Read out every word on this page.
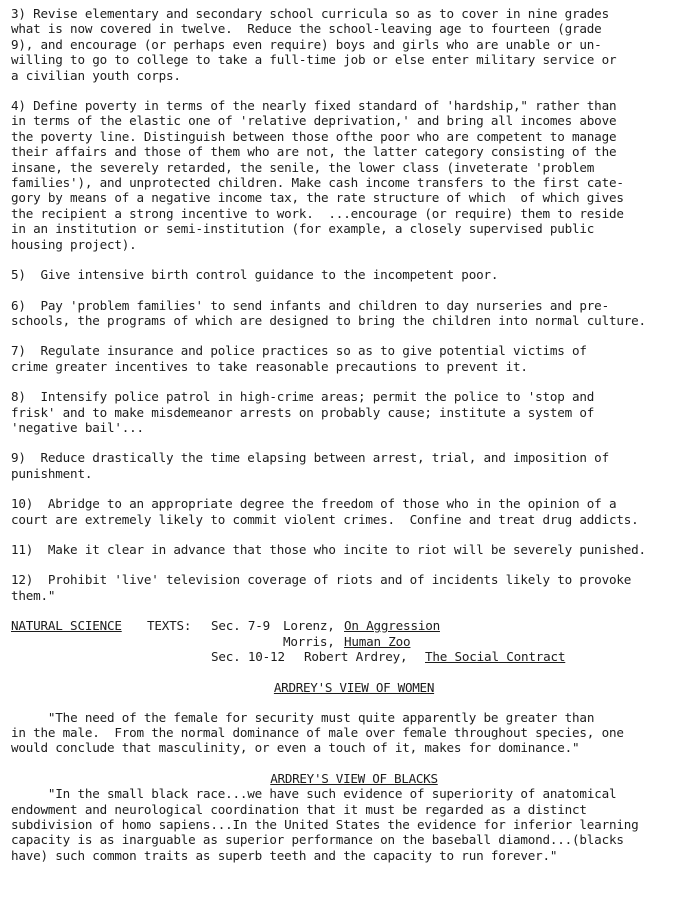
3) Revise elementary and secondary school curricula so as to cover in nine grades
what is now covered in twelve.  Reduce the school-leaving age to fourteen (grade
9), and encourage (or perhaps even require) boys and girls who are unable or un-
willing to go to college to take a full-time job or else enter military service or
a civilian youth corps.
4) Define poverty in terms of the nearly fixed standard of 'hardship," rather than
in terms of the elastic one of 'relative deprivation,' and bring all incomes above
the poverty line. Distinguish between those ofthe poor who are competent to manage
their affairs and those of them who are not, the latter category consisting of the
insane, the severely retarded, the senile, the lower class (inveterate 'problem
families'), and unprotected children. Make cash income transfers to the first cate-
gory by means of a negative income tax, the rate structure of which  of which gives
the recipient a strong incentive to work.  ...encourage (or require) them to reside
in an institution or semi-institution (for example, a closely supervised public
housing project).
5)  Give intensive birth control guidance to the incompetent poor.
6)  Pay 'problem families' to send infants and children to day nurseries and pre-
schools, the programs of which are designed to bring the children into normal culture.
7)  Regulate insurance and police practices so as to give potential victims of
crime greater incentives to take reasonable precautions to prevent it.
8)  Intensify police patrol in high-crime areas; permit the police to 'stop and
frisk' and to make misdemeanor arrests on probably cause; institute a system of
'negative bail'...
9)  Reduce drastically the time elapsing between arrest, trial, and imposition of
punishment.
10)  Abridge to an appropriate degree the freedom of those who in the opinion of a
court are extremely likely to commit violent crimes.  Confine and treat drug addicts.
11)  Make it clear in advance that those who incite to riot will be severely punished.
12)  Prohibit 'live' television coverage of riots and of incidents likely to provoke
them."
NATURAL SCIENCE TEXTS: Sec. 7-9 Lorenz, On Aggression
Morris, Human Zoo
Sec. 10-12 Robert Ardrey, The Social Contract

ARDREY'S VIEW OF WOMEN

"The need of the female for security must quite apparently be greater than
in the male.  From the normal dominance of male over female throughout species, one
would conclude that masculinity, or even a touch of it, makes for dominance."

ARDREY'S VIEW OF BLACKS

"In the small black race...we have such evidence of superiority of anatomical
endowment and neurological coordination that it must be regarded as a distinct
subdivision of homo sapiens...In the United States the evidence for inferior learning
capacity is as inarguable as superior performance on the baseball diamond...(blacks
have) such common traits as superb teeth and the capacity to run forever."
